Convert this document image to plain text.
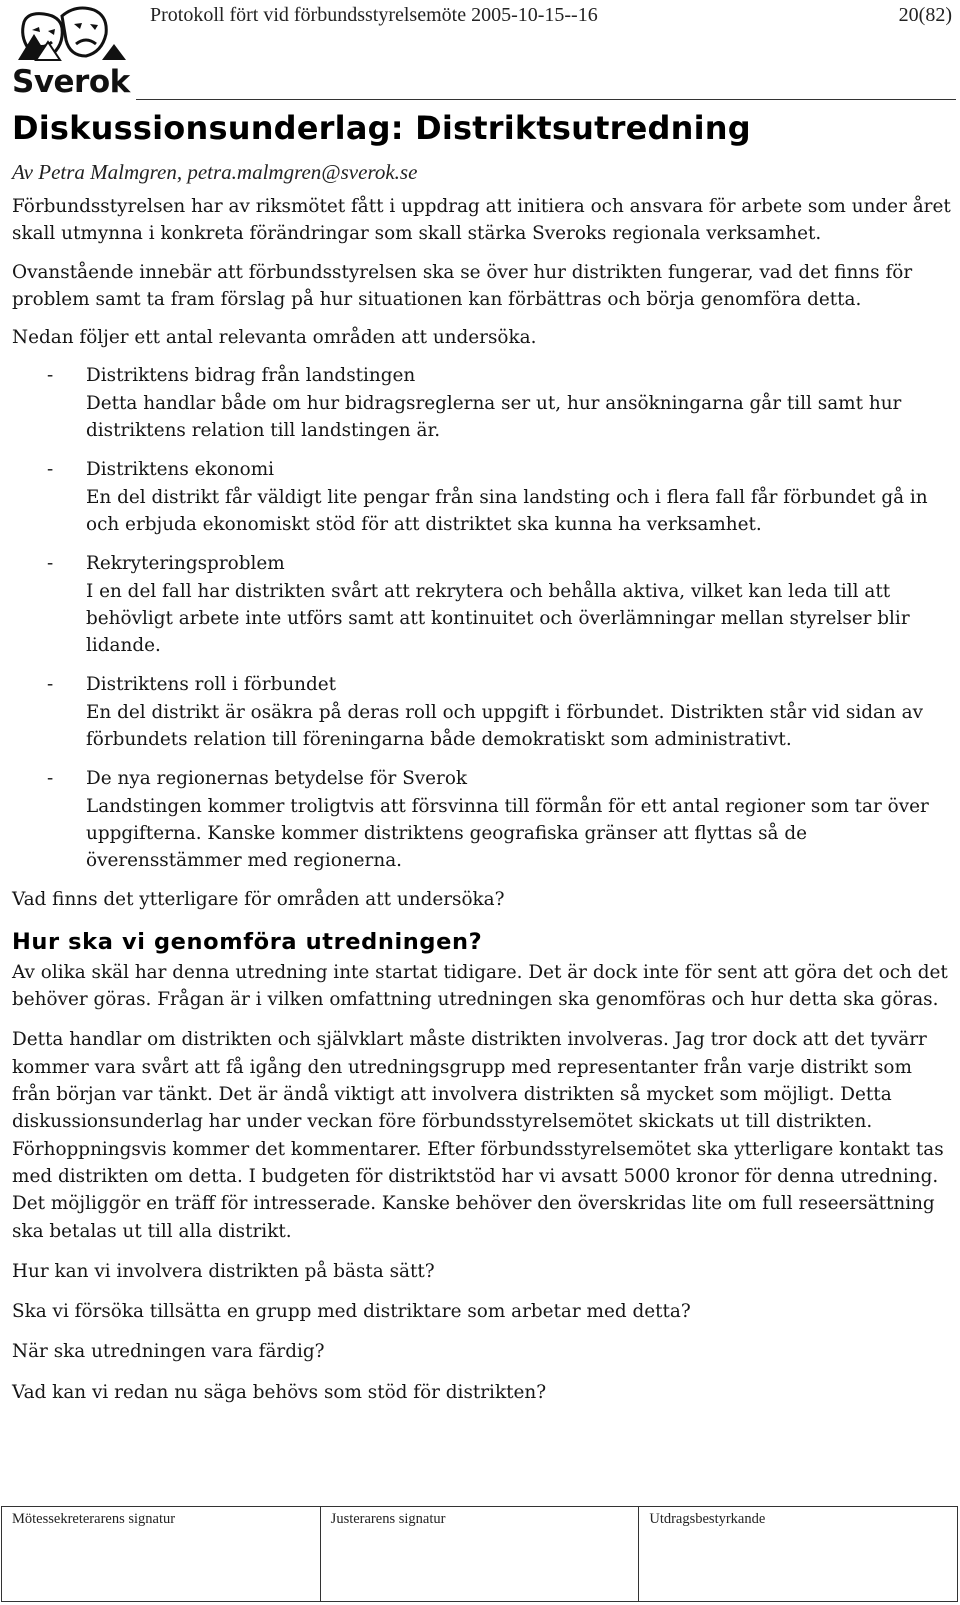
Sverok
Protokoll fört vid förbundsstyrelsemöte 2005-10-15--16	20(82)
Diskussionsunderlag: Distriktsutredning

Av Petra Malmgren, petra.malmgren@sverok.se

Förbundsstyrelsen har av riksmötet fått i uppdrag att initiera och ansvara för arbete som under året skall utmynna i konkreta förändringar som skall stärka Sveroks regionala verksamhet.

Ovanstående innebär att förbundsstyrelsen ska se över hur distrikten fungerar, vad det finns för problem samt ta fram förslag på hur situationen kan förbättras och börja genomföra detta.

Nedan följer ett antal relevanta områden att undersöka.

- Distriktens bidrag från landstingen

Detta handlar både om hur bidragsreglerna ser ut, hur ansökningarna går till samt hur distriktens relation till landstingen är.

- Distriktens ekonomi

En del distrikt får väldigt lite pengar från sina landsting och i flera fall får förbundet gå in och erbjuda ekonomiskt stöd för att distriktet ska kunna ha verksamhet.

- Rekryteringsproblem

I en del fall har distrikten svårt att rekrytera och behålla aktiva, vilket kan leda till att behövligt arbete inte utförs samt att kontinuitet och överlämningar mellan styrelser blir lidande.

- Distriktens roll i förbundet

En del distrikt är osäkra på deras roll och uppgift i förbundet. Distrikten står vid sidan av förbundets relation till föreningarna både demokratiskt som administrativt.

- De nya regionernas betydelse för Sverok

Landstingen kommer troligtvis att försvinna till förmån för ett antal regioner som tar över uppgifterna. Kanske kommer distriktens geografiska gränser att flyttas så de överensstämmer med regionerna.

Vad finns det ytterligare för områden att undersöka?

Hur ska vi genomföra utredningen?

Av olika skäl har denna utredning inte startat tidigare. Det är dock inte för sent att göra det och det behöver göras. Frågan är i vilken omfattning utredningen ska genomföras och hur detta ska göras.

Detta handlar om distrikten och självklart måste distrikten involveras. Jag tror dock att det tyvärr kommer vara svårt att få igång den utredningsgrupp med representanter från varje distrikt som från början var tänkt. Det är ändå viktigt att involvera distrikten så mycket som möjligt. Detta diskussionsunderlag har under veckan före förbundsstyrelsemötet skickats ut till distrikten. Förhoppningsvis kommer det kommentarer. Efter förbundsstyrelsemötet ska ytterligare kontakt tas med distrikten om detta. I budgeten för distriktstöd har vi avsatt 5000 kronor för denna utredning. Det möjliggör en träff för intresserade. Kanske behöver den överskridas lite om full reseersättning ska betalas ut till alla distrikt.

Hur kan vi involvera distrikten på bästa sätt?

Ska vi försöka tillsätta en grupp med distriktare som arbetar med detta?

När ska utredningen vara färdig?

Vad kan vi redan nu säga behövs som stöd för distrikten?

Mötessekreterarens signatur	Justerarens signatur	Utdragsbestyrkande
